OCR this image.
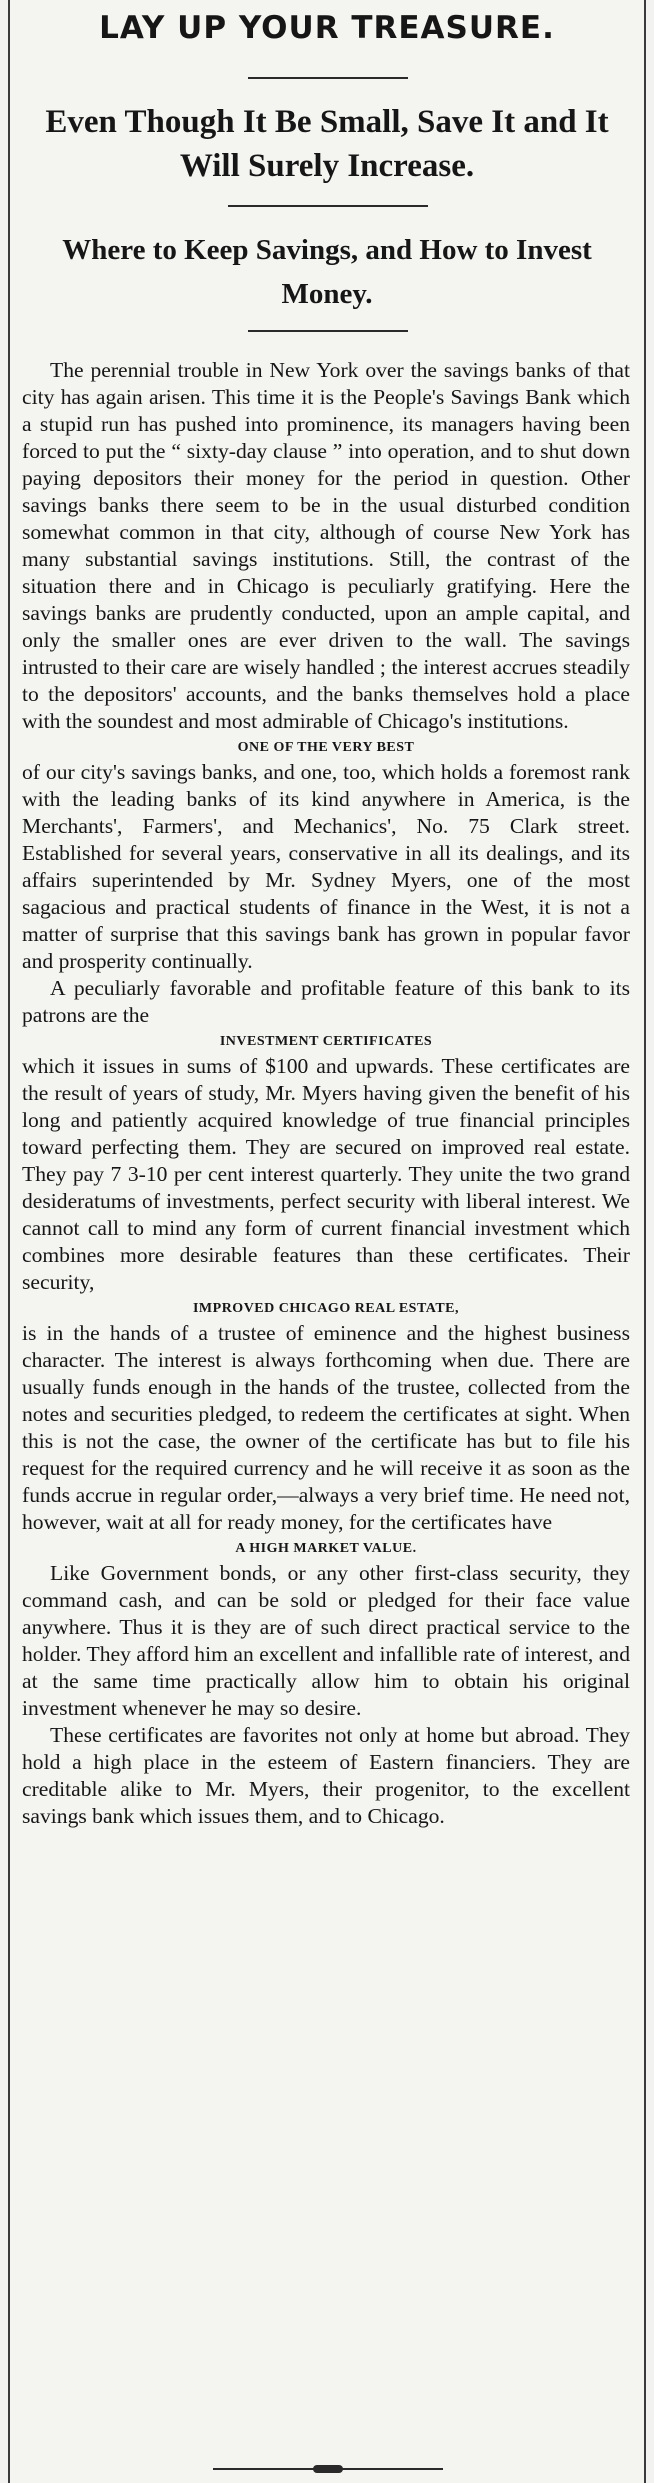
LAY UP YOUR TREASURE.
Even Though It Be Small, Save It and It Will Surely Increase.
Where to Keep Savings, and How to Invest Money.

The perennial trouble in New York over the savings banks of that city has again arisen. This time it is the People's Savings Bank which a stupid run has pushed into prominence, its managers having been forced to put the “ sixty-day clause ” into operation, and to shut down paying depositors their money for the period in question. Other savings banks there seem to be in the usual disturbed condition somewhat common in that city, although of course New York has many substantial savings institutions. Still, the contrast of the situation there and in Chicago is peculiarly gratifying. Here the savings banks are prudently conducted, upon an ample capital, and only the smaller ones are ever driven to the wall. The savings intrusted to their care are wisely handled ; the interest accrues steadily to the depositors' accounts, and the banks themselves hold a place with the soundest and most admirable of Chicago's institutions.

ONE OF THE VERY BEST

of our city's savings banks, and one, too, which holds a foremost rank with the leading banks of its kind anywhere in America, is the Merchants', Farmers', and Mechanics', No. 75 Clark street. Established for several years, conservative in all its dealings, and its affairs superintended by Mr. Sydney Myers, one of the most sagacious and practical students of finance in the West, it is not a matter of surprise that this savings bank has grown in popular favor and prosperity continually.

A peculiarly favorable and profitable feature of this bank to its patrons are the

INVESTMENT CERTIFICATES

which it issues in sums of $100 and upwards. These certificates are the result of years of study, Mr. Myers having given the benefit of his long and patiently acquired knowledge of true financial principles toward perfecting them. They are secured on improved real estate. They pay 7 3-10 per cent interest quarterly. They unite the two grand desideratums of investments, perfect security with liberal interest. We cannot call to mind any form of current financial investment which combines more desirable features than these certificates. Their security,

IMPROVED CHICAGO REAL ESTATE,

is in the hands of a trustee of eminence and the highest business character. The interest is always forthcoming when due. There are usually funds enough in the hands of the trustee, collected from the notes and securities pledged, to redeem the certificates at sight. When this is not the case, the owner of the certificate has but to file his request for the required currency and he will receive it as soon as the funds accrue in regular order,—always a very brief time. He need not, however, wait at all for ready money, for the certificates have

A HIGH MARKET VALUE.

Like Government bonds, or any other first-class security, they command cash, and can be sold or pledged for their face value anywhere. Thus it is they are of such direct practical service to the holder. They afford him an excellent and infallible rate of interest, and at the same time practically allow him to obtain his original investment whenever he may so desire.

These certificates are favorites not only at home but abroad. They hold a high place in the esteem of Eastern financiers. They are creditable alike to Mr. Myers, their progenitor, to the excellent savings bank which issues them, and to Chicago.
